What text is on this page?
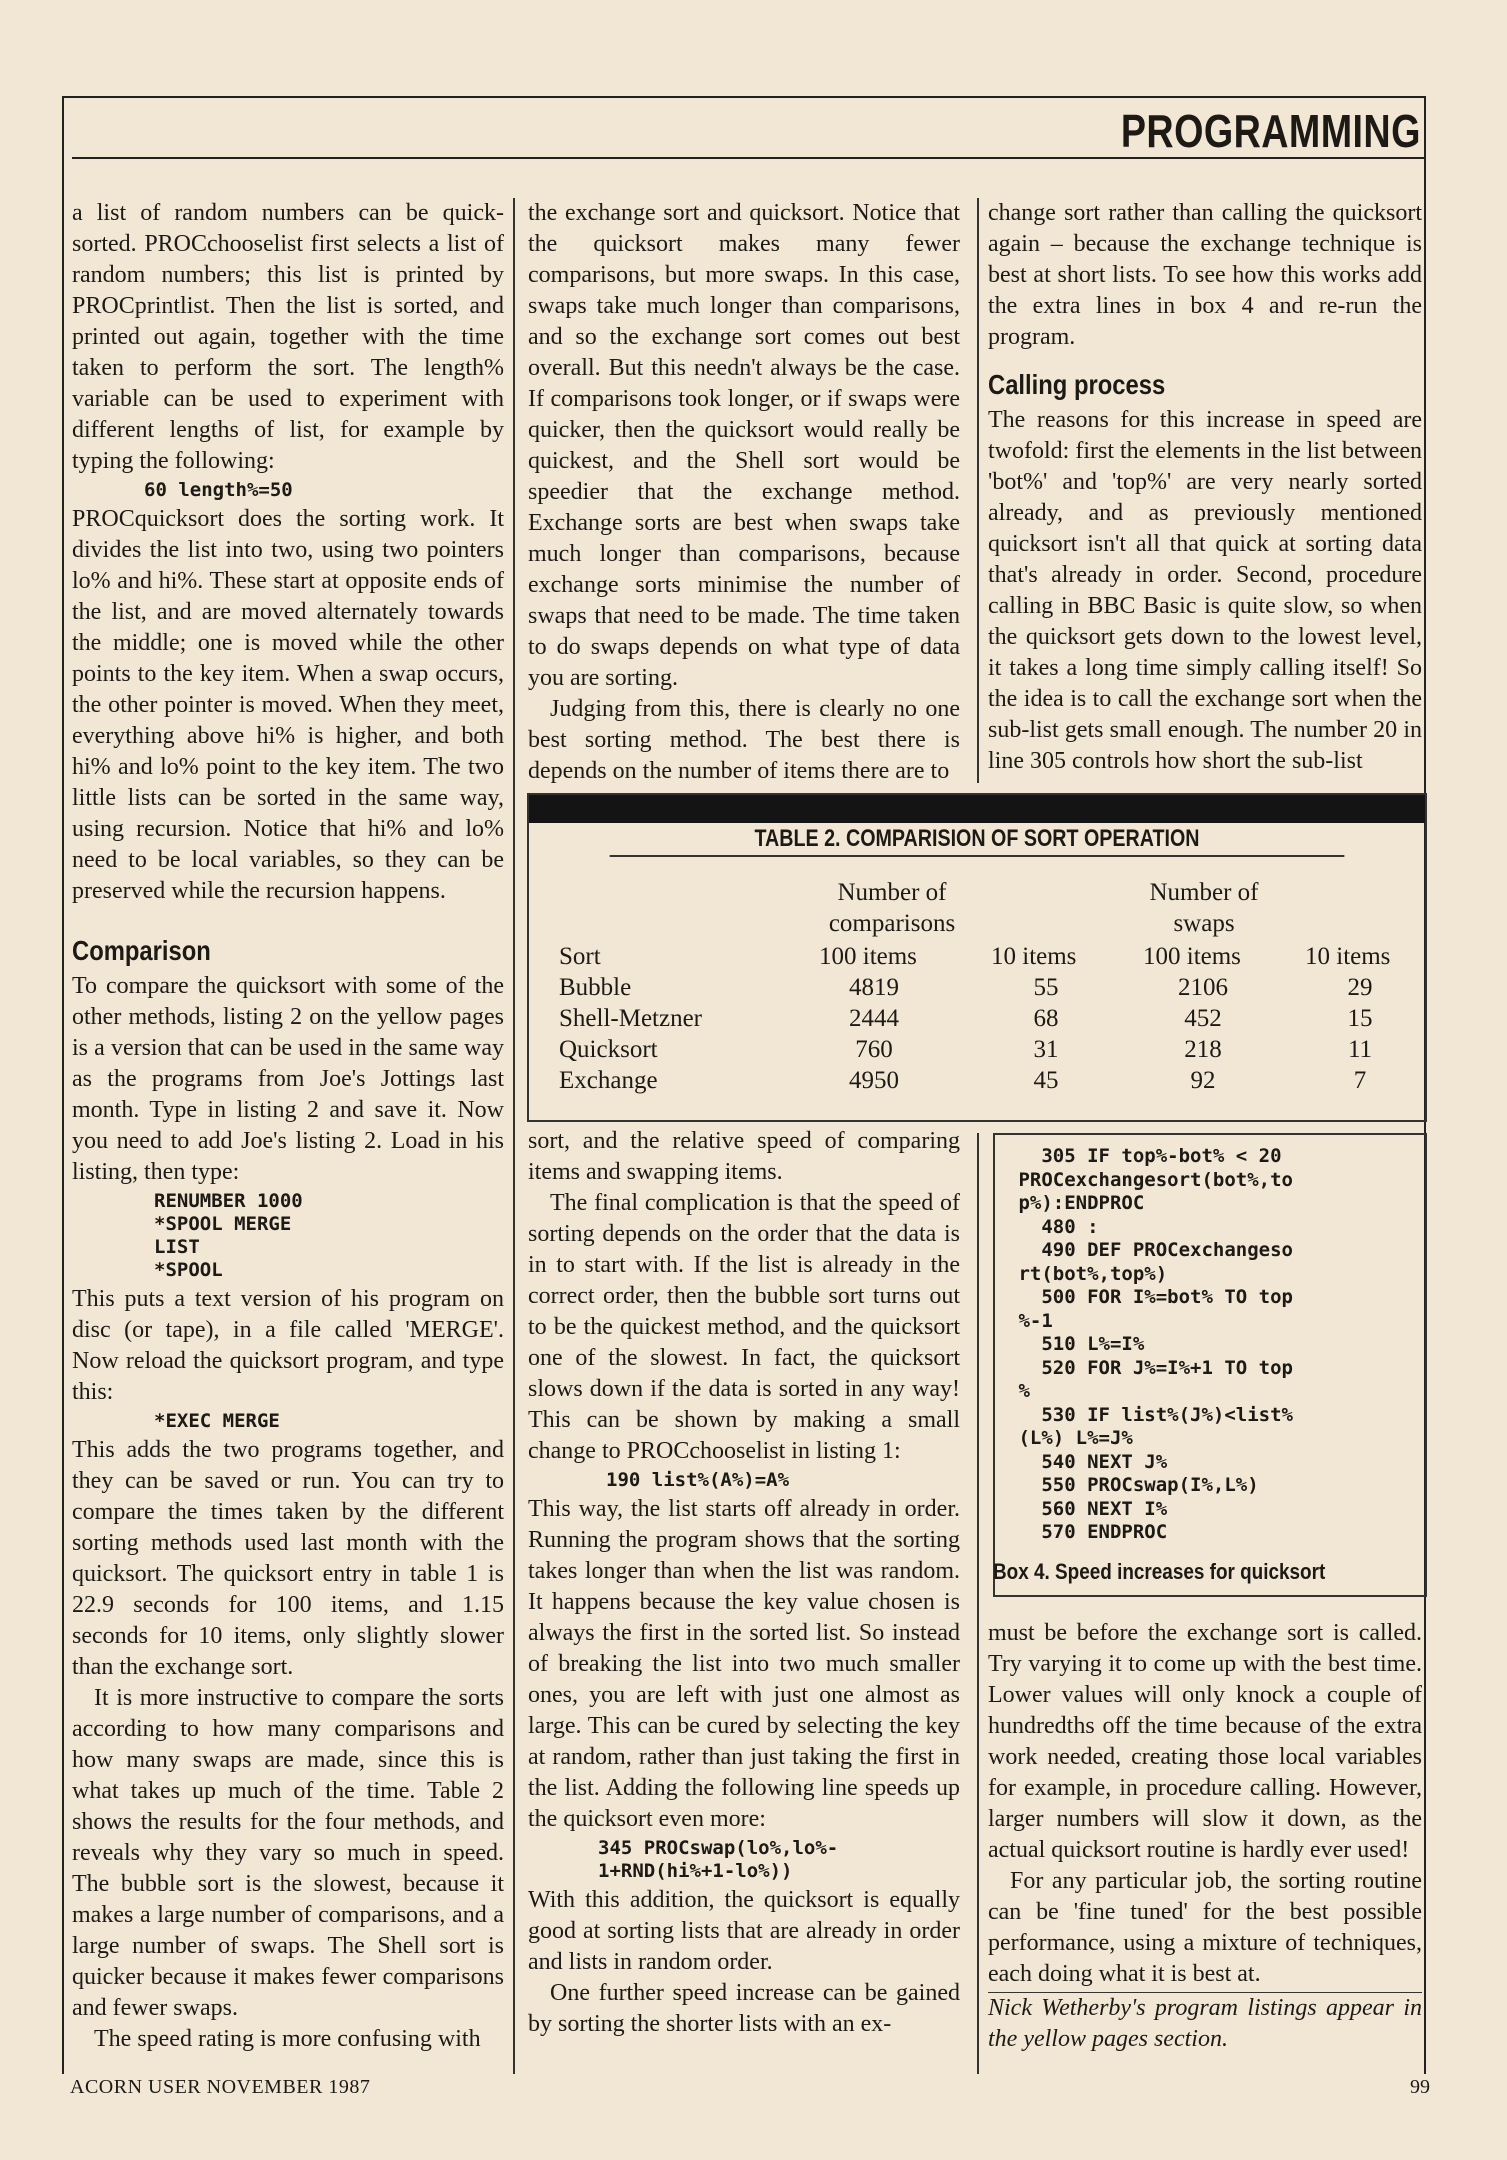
PROGRAMMING

a list of random numbers can be quick-sorted. PROCchooselist first selects a list of random numbers; this list is printed by PROCprintlist. Then the list is sorted, and printed out again, together with the time taken to perform the sort. The length% variable can be used to experiment with different lengths of list, for example by typing the following:

60 length%=50

PROCquicksort does the sorting work. It divides the list into two, using two pointers lo% and hi%. These start at opposite ends of the list, and are moved alternately towards the middle; one is moved while the other points to the key item. When a swap occurs, the other pointer is moved. When they meet, everything above hi% is higher, and both hi% and lo% point to the key item. The two little lists can be sorted in the same way, using recursion. Notice that hi% and lo% need to be local variables, so they can be preserved while the recursion happens.

Comparison

To compare the quicksort with some of the other methods, listing 2 on the yellow pages is a version that can be used in the same way as the programs from Joe's Jottings last month. Type in listing 2 and save it. Now you need to add Joe's listing 2. Load in his listing, then type:

RENUMBER 1000
*SPOOL MERGE
LIST
*SPOOL

This puts a text version of his program on disc (or tape), in a file called 'MERGE'. Now reload the quicksort program, and type this:

*EXEC MERGE

This adds the two programs together, and they can be saved or run. You can try to compare the times taken by the different sorting methods used last month with the quicksort. The quicksort entry in table 1 is 22.9 seconds for 100 items, and 1.15 seconds for 10 items, only slightly slower than the exchange sort.

It is more instructive to compare the sorts according to how many comparisons and how many swaps are made, since this is what takes up much of the time. Table 2 shows the results for the four methods, and reveals why they vary so much in speed. The bubble sort is the slowest, because it makes a large number of comparisons, and a large number of swaps. The Shell sort is quicker because it makes fewer comparisons and fewer swaps.

The speed rating is more confusing with

the exchange sort and quicksort. Notice that the quicksort makes many fewer comparisons, but more swaps. In this case, swaps take much longer than comparisons, and so the exchange sort comes out best overall. But this needn't always be the case. If comparisons took longer, or if swaps were quicker, then the quicksort would really be quickest, and the Shell sort would be speedier that the exchange method. Exchange sorts are best when swaps take much longer than comparisons, because exchange sorts minimise the number of swaps that need to be made. The time taken to do swaps depends on what type of data you are sorting.

Judging from this, there is clearly no one best sorting method. The best there is depends on the number of items there are to

change sort rather than calling the quicksort again – because the exchange technique is best at short lists. To see how this works add the extra lines in box 4 and re-run the program.

Calling process

The reasons for this increase in speed are twofold: first the elements in the list between 'bot%' and 'top%' are very nearly sorted already, and as previously mentioned quicksort isn't all that quick at sorting data that's already in order. Second, procedure calling in BBC Basic is quite slow, so when the quicksort gets down to the lowest level, it takes a long time simply calling itself! So the idea is to call the exchange sort when the sub-list gets small enough. The number 20 in line 305 controls how short the sub-list

TABLE 2. COMPARISION OF SORT OPERATION
Number of
comparisons
Number of
swaps
Sort	100 items	10 items	100 items	10 items
Bubble	4819	55	2106	29
Shell-Metzner	2444	68	452	15
Quicksort	760	31	218	11
Exchange	4950	45	92	7

sort, and the relative speed of comparing items and swapping items.

The final complication is that the speed of sorting depends on the order that the data is in to start with. If the list is already in the correct order, then the bubble sort turns out to be the quickest method, and the quicksort one of the slowest. In fact, the quicksort slows down if the data is sorted in any way! This can be shown by making a small change to PROCchooselist in listing 1:

190 list%(A%)=A%

This way, the list starts off already in order. Running the program shows that the sorting takes longer than when the list was random. It happens because the key value chosen is always the first in the sorted list. So instead of breaking the list into two much smaller ones, you are left with just one almost as large. This can be cured by selecting the key at random, rather than just taking the first in the list. Adding the following line speeds up the quicksort even more:

345 PROCswap(lo%,lo%-
1+RND(hi%+1-lo%))

With this addition, the quicksort is equally good at sorting lists that are already in order and lists in random order.

One further speed increase can be gained by sorting the shorter lists with an ex-

305 IF top%-bot% < 20
PROCexchangesort(bot%,to
p%):ENDPROC
480 :
490 DEF PROCexchangeso
rt(bot%,top%)
500 FOR I%=bot% TO top
%-1
510 L%=I%
520 FOR J%=I%+1 TO top
%
530 IF list%(J%)<list%
(L%) L%=J%
540 NEXT J%
550 PROCswap(I%,L%)
560 NEXT I%
570 ENDPROC
Box 4. Speed increases for quicksort

must be before the exchange sort is called. Try varying it to come up with the best time. Lower values will only knock a couple of hundredths off the time because of the extra work needed, creating those local variables for example, in procedure calling. However, larger numbers will slow it down, as the actual quicksort routine is hardly ever used!

For any particular job, the sorting routine can be 'fine tuned' for the best possible performance, using a mixture of techniques, each doing what it is best at.

Nick Wetherby's program listings appear in the yellow pages section.

ACORN USER NOVEMBER 1987	99
